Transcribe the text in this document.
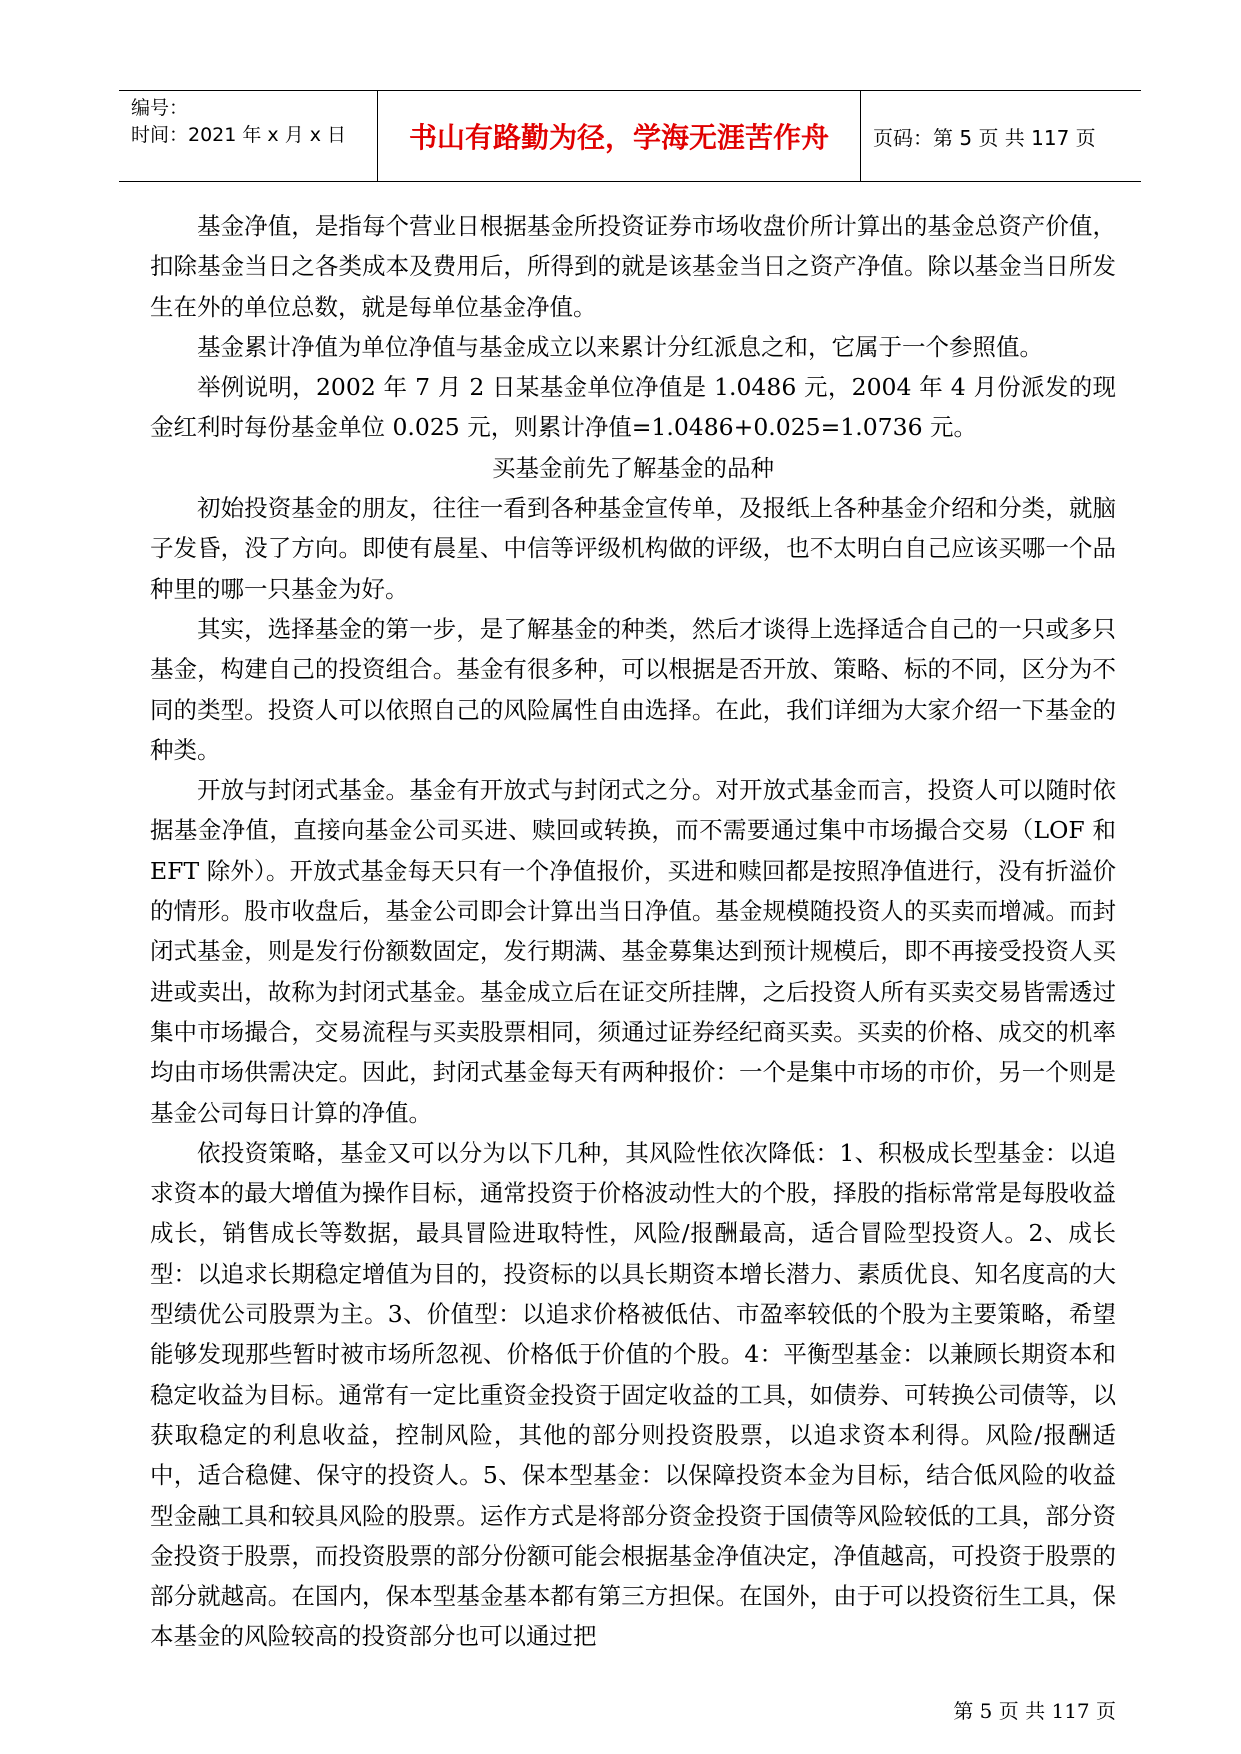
编号：
时间：2021 年 x 月 x 日	书山有路勤为径，学海无涯苦作舟 页码：第 5 页 共 117 页

基金净值，是指每个营业日根据基金所投资证券市场收盘价所计算出的基金总资产价值，扣除基金当日之各类成本及费用后，所得到的就是该基金当日之资产净值。除以基金当日所发生在外的单位总数，就是每单位基金净值。

基金累计净值为单位净值与基金成立以来累计分红派息之和，它属于一个参照值。

举例说明，2002 年 7 月 2 日某基金单位净值是 1.0486 元，2004 年 4 月份派发的现金红利时每份基金单位 0.025 元，则累计净值=1.0486+0.025=1.0736 元。

买基金前先了解基金的品种

初始投资基金的朋友，往往一看到各种基金宣传单，及报纸上各种基金介绍和分类，就脑子发昏，没了方向。即使有晨星、中信等评级机构做的评级，也不太明白自己应该买哪一个品种里的哪一只基金为好。

其实，选择基金的第一步，是了解基金的种类，然后才谈得上选择适合自己的一只或多只基金，构建自己的投资组合。基金有很多种，可以根据是否开放、策略、标的不同，区分为不同的类型。投资人可以依照自己的风险属性自由选择。在此，我们详细为大家介绍一下基金的种类。

开放与封闭式基金。基金有开放式与封闭式之分。对开放式基金而言，投资人可以随时依据基金净值，直接向基金公司买进、赎回或转换，而不需要通过集中市场撮合交易（LOF 和 EFT 除外）。开放式基金每天只有一个净值报价，买进和赎回都是按照净值进行，没有折溢价的情形。股市收盘后，基金公司即会计算出当日净值。基金规模随投资人的买卖而增减。而封闭式基金，则是发行份额数固定，发行期满、基金募集达到预计规模后，即不再接受投资人买进或卖出，故称为封闭式基金。基金成立后在证交所挂牌，之后投资人所有买卖交易皆需透过集中市场撮合，交易流程与买卖股票相同，须通过证券经纪商买卖。买卖的价格、成交的机率均由市场供需决定。因此，封闭式基金每天有两种报价：一个是集中市场的市价，另一个则是基金公司每日计算的净值。

依投资策略，基金又可以分为以下几种，其风险性依次降低：1、积极成长型基金：以追求资本的最大增值为操作目标，通常投资于价格波动性大的个股，择股的指标常常是每股收益成长，销售成长等数据，最具冒险进取特性，风险/报酬最高，适合冒险型投资人。2、成长型：以追求长期稳定增值为目的，投资标的以具长期资本增长潜力、素质优良、知名度高的大型绩优公司股票为主。3、价值型：以追求价格被低估、市盈率较低的个股为主要策略，希望能够发现那些暂时被市场所忽视、价格低于价值的个股。4：平衡型基金：以兼顾长期资本和稳定收益为目标。通常有一定比重资金投资于固定收益的工具，如债券、可转换公司债等，以获取稳定的利息收益，控制风险，其他的部分则投资股票，以追求资本利得。风险/报酬适中，适合稳健、保守的投资人。5、保本型基金：以保障投资本金为目标，结合低风险的收益型金融工具和较具风险的股票。运作方式是将部分资金投资于国债等风险较低的工具，部分资金投资于股票，而投资股票的部分份额可能会根据基金净值决定，净值越高，可投资于股票的部分就越高。在国内，保本型基金基本都有第三方担保。在国外，由于可以投资衍生工具，保本基金的风险较高的投资部分也可以通过把

第 5 页 共 117 页
